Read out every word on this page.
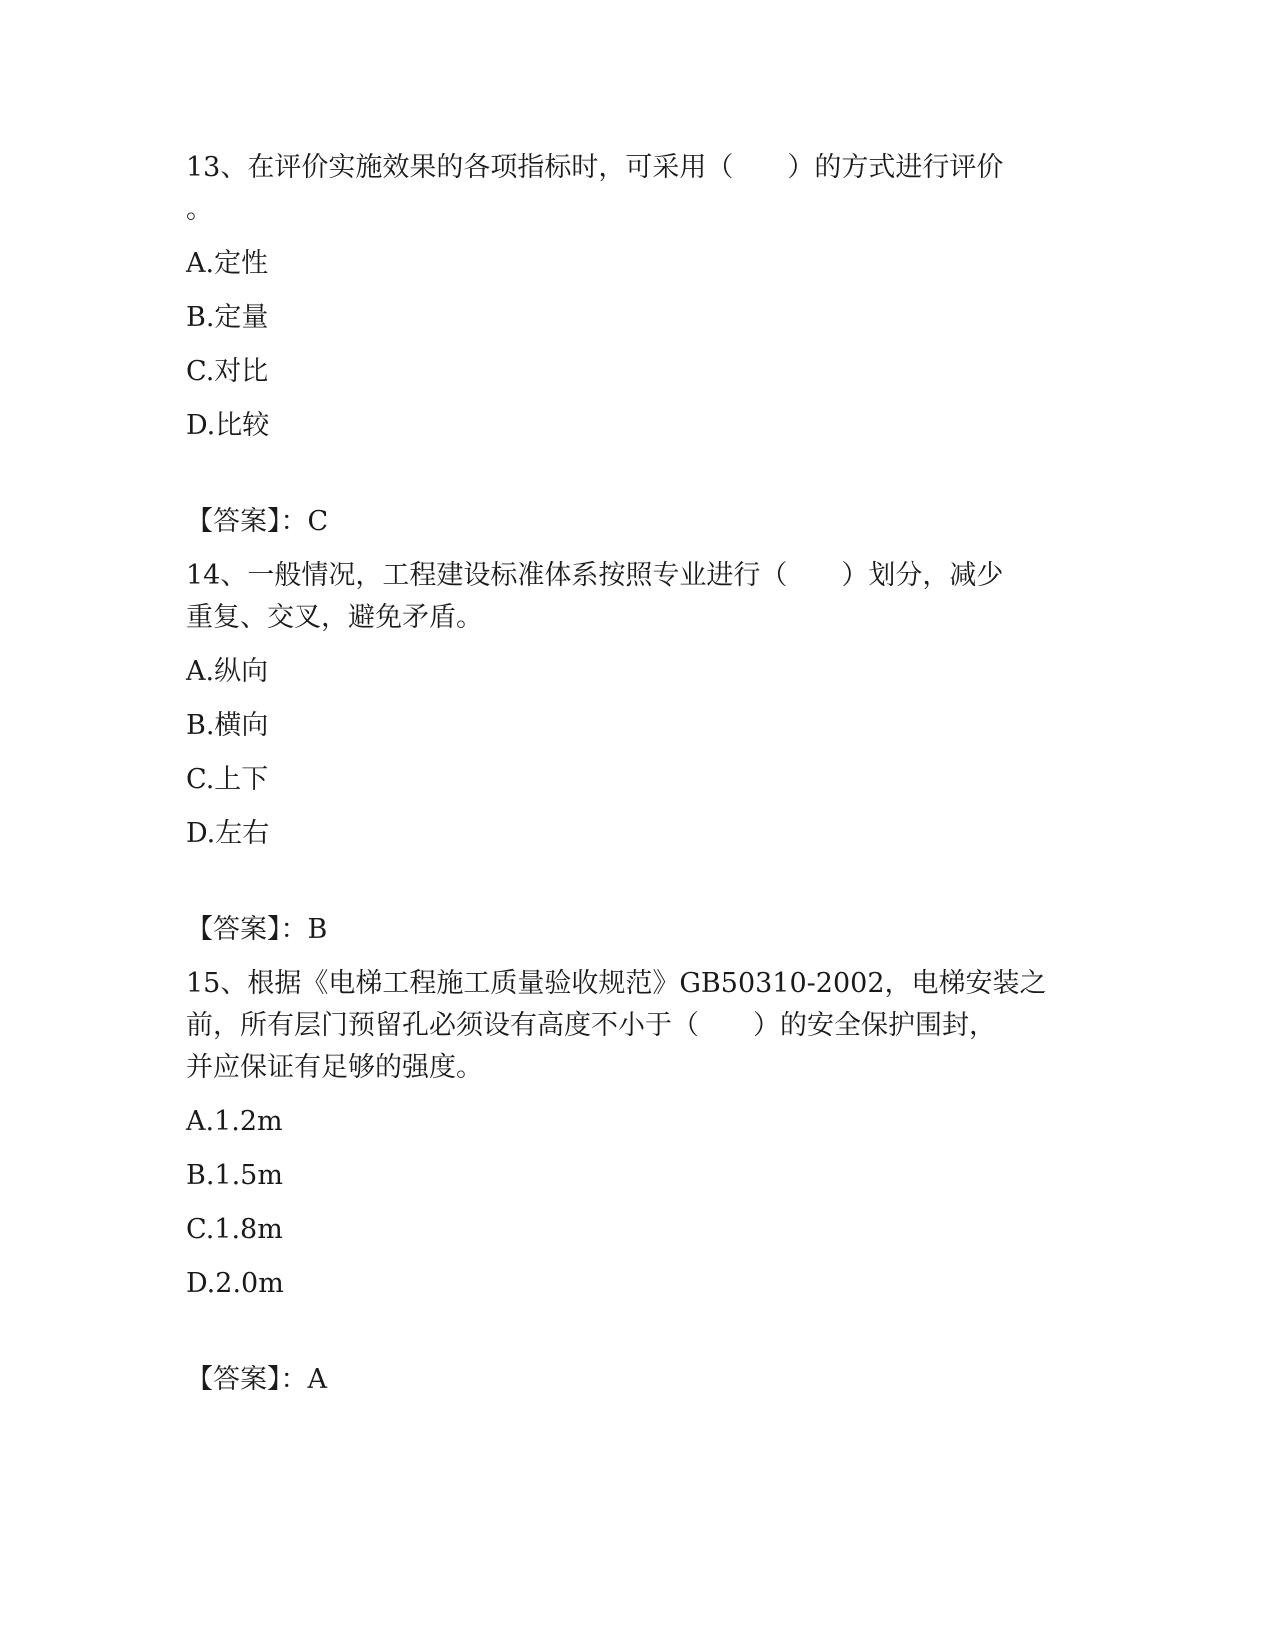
13、在评价实施效果的各项指标时，可采用（　　）的方式进行评价
。
A.定性
B.定量
C.对比
D.比较
【答案】：C
14、一般情况，工程建设标准体系按照专业进行（　　）划分，减少
重复、交叉，避免矛盾。
A.纵向
B.横向
C.上下
D.左右
【答案】：B
15、根据《电梯工程施工质量验收规范》GB50310-2002，电梯安装之
前，所有层门预留孔必须设有高度不小于（　　）的安全保护围封，
并应保证有足够的强度。
A.1.2m
B.1.5m
C.1.8m
D.2.0m
【答案】：A
